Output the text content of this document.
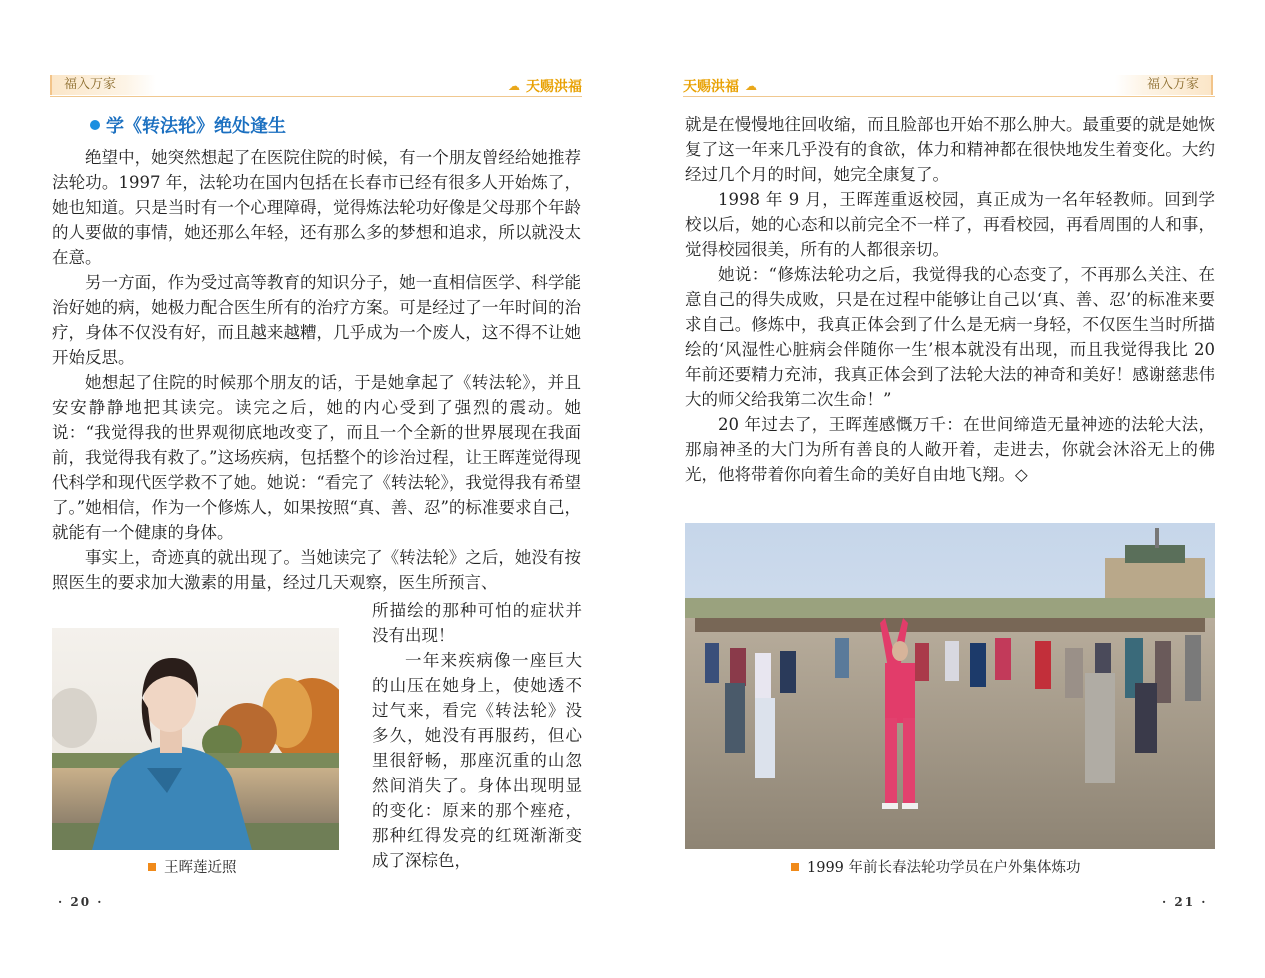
福入万家	☁ 天赐洪福
学《转法轮》绝处逢生

绝望中，她突然想起了在医院住院的时候，有一个朋友曾经给她推荐法轮功。1997 年，法轮功在国内包括在长春市已经有很多人开始炼了，她也知道。只是当时有一个心理障碍，觉得炼法轮功好像是父母那个年龄的人要做的事情，她还那么年轻，还有那么多的梦想和追求，所以就没太在意。

另一方面，作为受过高等教育的知识分子，她一直相信医学、科学能治好她的病，她极力配合医生所有的治疗方案。可是经过了一年时间的治疗，身体不仅没有好，而且越来越糟，几乎成为一个废人，这不得不让她开始反思。

她想起了住院的时候那个朋友的话，于是她拿起了《转法轮》，并且安安静静地把其读完。读完之后，她的内心受到了强烈的震动。她说：“我觉得我的世界观彻底地改变了，而且一个全新的世界展现在我面前，我觉得我有救了。”这场疾病，包括整个的诊治过程，让王晖莲觉得现代科学和现代医学救不了她。她说：“看完了《转法轮》，我觉得我有希望了。”她相信，作为一个修炼人，如果按照“真、善、忍”的标准要求自己，就能有一个健康的身体。

事实上，奇迹真的就出现了。当她读完了《转法轮》之后，她没有按照医生的要求加大激素的用量，经过几天观察，医生所预言、

王晖莲近照

所描绘的那种可怕的症状并没有出现！

一年来疾病像一座巨大的山压在她身上，使她透不过气来，看完《转法轮》没多久，她没有再服药，但心里很舒畅，那座沉重的山忽然间消失了。身体出现明显的变化：原来的那个痤疮，那种红得发亮的红斑渐渐变成了深棕色，

· 20 ·
天赐洪福 ☁	福入万家

就是在慢慢地往回收缩，而且脸部也开始不那么肿大。最重要的就是她恢复了这一年来几乎没有的食欲，体力和精神都在很快地发生着变化。大约经过几个月的时间，她完全康复了。

1998 年 9 月，王晖莲重返校园，真正成为一名年轻教师。回到学校以后，她的心态和以前完全不一样了，再看校园，再看周围的人和事，觉得校园很美，所有的人都很亲切。

她说：“修炼法轮功之后，我觉得我的心态变了，不再那么关注、在意自己的得失成败，只是在过程中能够让自己以‘真、善、忍’的标准来要求自己。修炼中，我真正体会到了什么是无病一身轻，不仅医生当时所描绘的‘风湿性心脏病会伴随你一生’根本就没有出现，而且我觉得我比 20 年前还要精力充沛，我真正体会到了法轮大法的神奇和美好！感谢慈悲伟大的师父给我第二次生命！”

20 年过去了，王晖莲感慨万千：在世间缔造无量神迹的法轮大法，那扇神圣的大门为所有善良的人敞开着，走进去，你就会沐浴无上的佛光，他将带着你向着生命的美好自由地飞翔。◇

1999 年前长春法轮功学员在户外集体炼功
· 21 ·
